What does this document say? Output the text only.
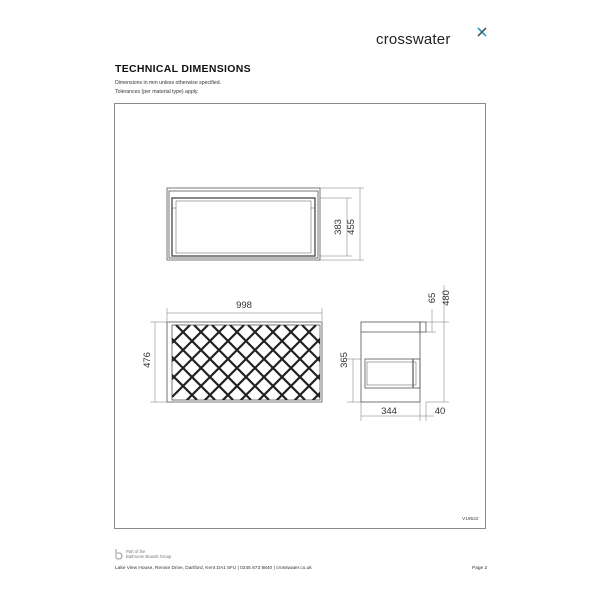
crosswater
TECHNICAL DIMENSIONS
Dimensions in mm unless otherwise specified.
Tolerances (per material type) apply.
383 455
998
476
65 480
365
344	40
V19522
Part of the
Bathroom Brands Group
Lake View House, Rennie Drive, Dartford, Kent DA1 5FU | 0345 873 8840 | crosswater.co.uk	Page 2
